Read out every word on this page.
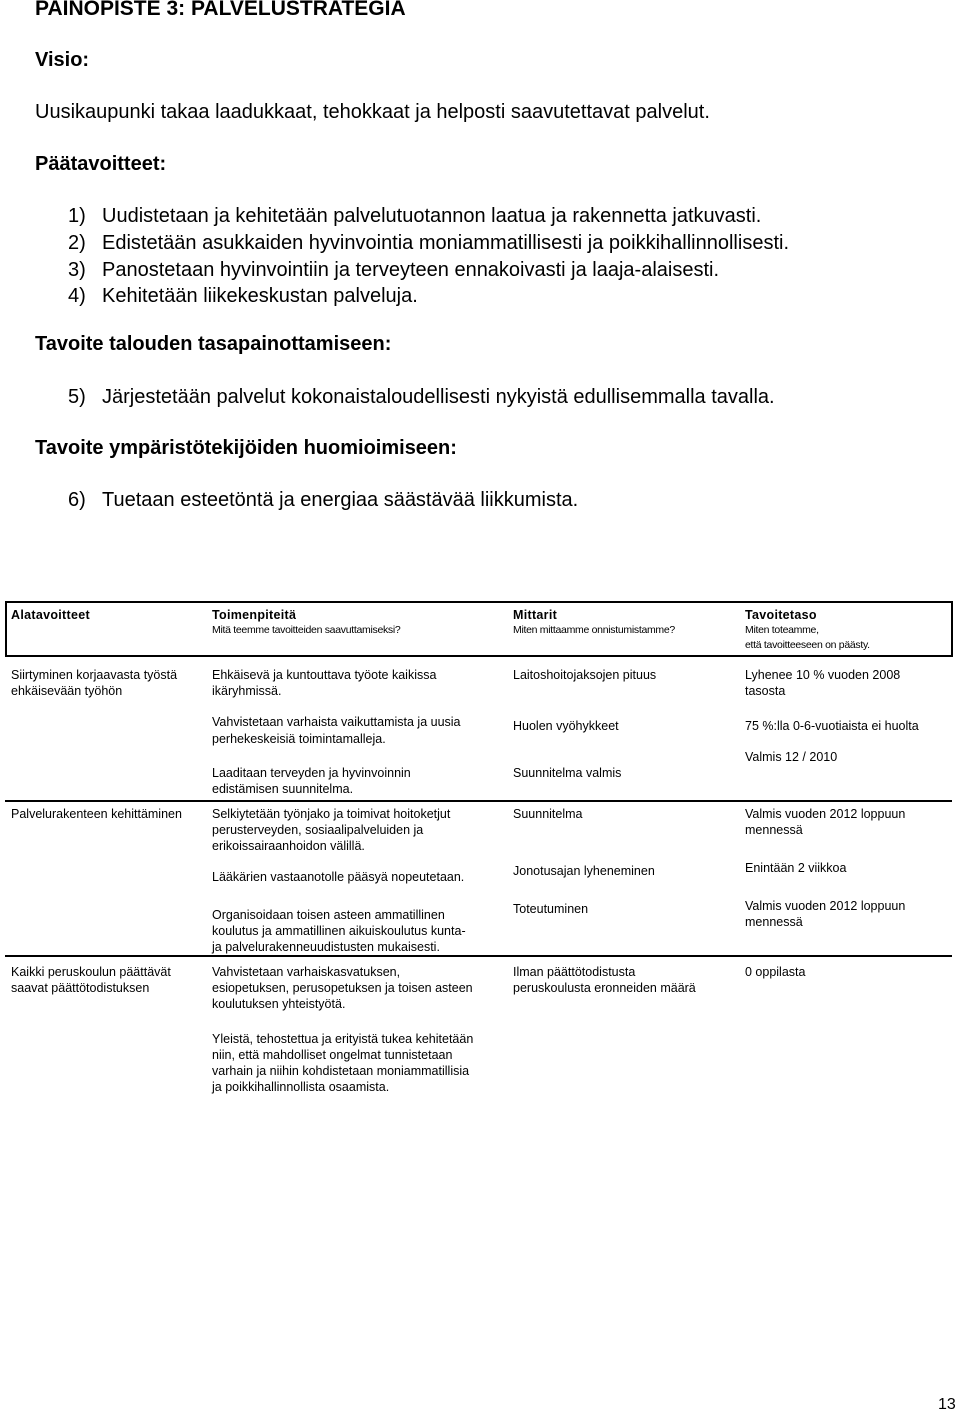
PAINOPISTE 3: PALVELUSTRATEGIA
Visio:
Uusikaupunki takaa laadukkaat, tehokkaat ja helposti saavutettavat palvelut.
Päätavoitteet:
1) Uudistetaan ja kehitetään palvelutuotannon laatua ja rakennetta jatkuvasti.
2) Edistetään asukkaiden hyvinvointia moniammatillisesti ja poikkihallinnollisesti.
3) Panostetaan hyvinvointiin ja terveyteen ennakoivasti ja laaja-alaisesti.
4) Kehitetään liikekeskustan palveluja.
Tavoite talouden tasapainottamiseen:
5) Järjestetään palvelut kokonaistaloudellisesti nykyistä edullisemmalla tavalla.
Tavoite ympäristötekijöiden huomioimiseen:
6) Tuetaan esteetöntä ja energiaa säästävää liikkumista.
Alatavoitteet	Toimenpiteitä
Mitä teemme tavoitteiden saavuttamiseksi?
Mittarit
Miten mittaamme onnistumistamme?
Tavoitetaso
Miten toteamme,
että tavoitteeseen on päästy.
Siirtyminen korjaavasta työstä
ehkäisevään työhön
Ehkäisevä ja kuntouttava työote kaikissa
ikäryhmissä.
Vahvistetaan varhaista vaikuttamista ja uusia
perhekeskeisiä toimintamalleja.
Laaditaan terveyden ja hyvinvoinnin
edistämisen suunnitelma.
Laitoshoitojaksojen pituus
Huolen vyöhykkeet
Suunnitelma valmis
Lyhenee 10 % vuoden 2008
tasosta
75 %:lla 0-6-vuotiaista ei huolta
Valmis 12 / 2010
Palvelurakenteen kehittäminen Selkiytetään työnjako ja toimivat hoitoketjut
perusterveyden, sosiaalipalveluiden ja
erikoissairaanhoidon välillä.
Lääkärien vastaanotolle pääsyä nopeutetaan.
Organisoidaan toisen asteen ammatillinen
koulutus ja ammatillinen aikuiskoulutus kunta-
ja palvelurakenneuudistusten mukaisesti.
Suunnitelma
Jonotusajan lyheneminen
Toteutuminen
Valmis vuoden 2012 loppuun
mennessä
Enintään 2 viikkoa
Valmis vuoden 2012 loppuun
mennessä
Kaikki peruskoulun päättävät
saavat päättötodistuksen
Vahvistetaan varhaiskasvatuksen,
esiopetuksen, perusopetuksen ja toisen asteen
koulutuksen yhteistyötä.
Yleistä, tehostettua ja erityistä tukea kehitetään
niin, että mahdolliset ongelmat tunnistetaan
varhain ja niihin kohdistetaan moniammatillisia
ja poikkihallinnollista osaamista.
Ilman päättötodistusta
peruskoulusta eronneiden määrä
0 oppilasta
13
